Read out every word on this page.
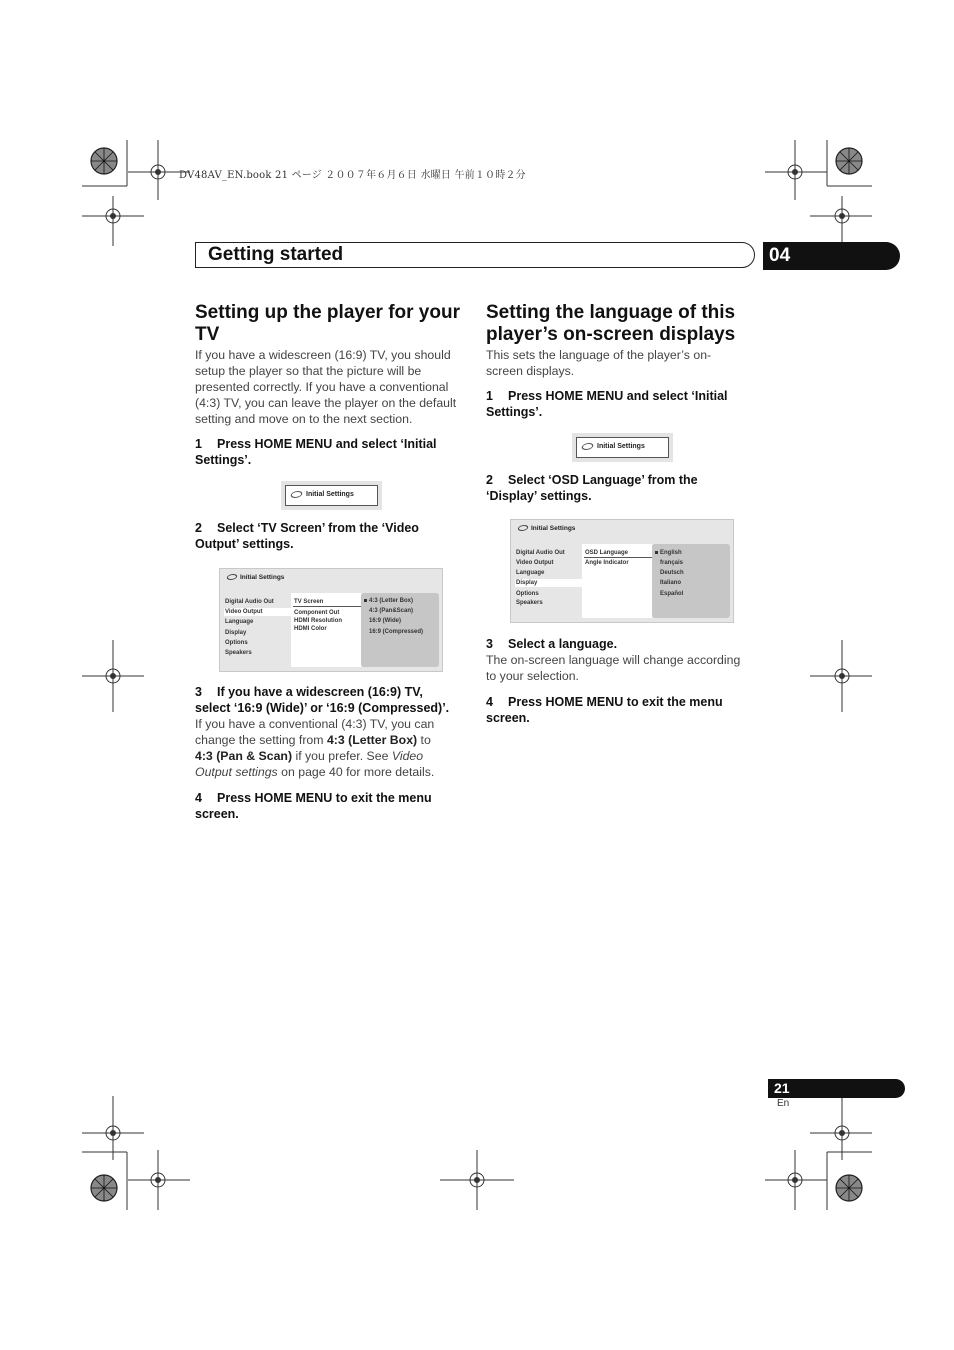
DV48AV_EN.book 21 ページ ２００７年６月６日 水曜日 午前１０時２分
Getting started	04
Setting up the player for your
TV
If you have a widescreen (16:9) TV, you should
setup the player so that the picture will be
presented correctly. If you have a conventional
(4:3) TV, you can leave the player on the default
setting and move on to the next section.
1 Press HOME MENU and select ‘Initial
Settings’.
Initial Settings
2 Select ‘TV Screen’ from the ‘Video
Output’ settings.
Initial Settings
Digital Audio Out
Video Output
Language
Display
Options
Speakers
TV Screen
Component Out
HDMI Resolution
HDMI Color
4:3 (Letter Box)
4:3 (Pan&Scan)
16:9 (Wide)
16:9 (Compressed)
3 If you have a widescreen (16:9) TV,
select ‘16:9 (Wide)’ or ‘16:9 (Compressed)’.
If you have a conventional (4:3) TV, you can
change the setting from 4:3 (Letter Box) to
4:3 (Pan & Scan) if you prefer. See Video
Output settings on page 40 for more details.
4 Press HOME MENU to exit the menu
screen.
Setting the language of this
player’s on-screen displays
This sets the language of the player’s on-
screen displays.
1 Press HOME MENU and select ‘Initial
Settings’.
Initial Settings
2 Select ‘OSD Language’ from the
‘Display’ settings.
Initial Settings
Digital Audio Out
Video Output
Language
Display
Options
Speakers
OSD Language
Angle Indicator
English
français
Deutsch
Italiano
Español
3 Select a language.
The on-screen language will change according
to your selection.
4 Press HOME MENU to exit the menu
screen.
21
En
